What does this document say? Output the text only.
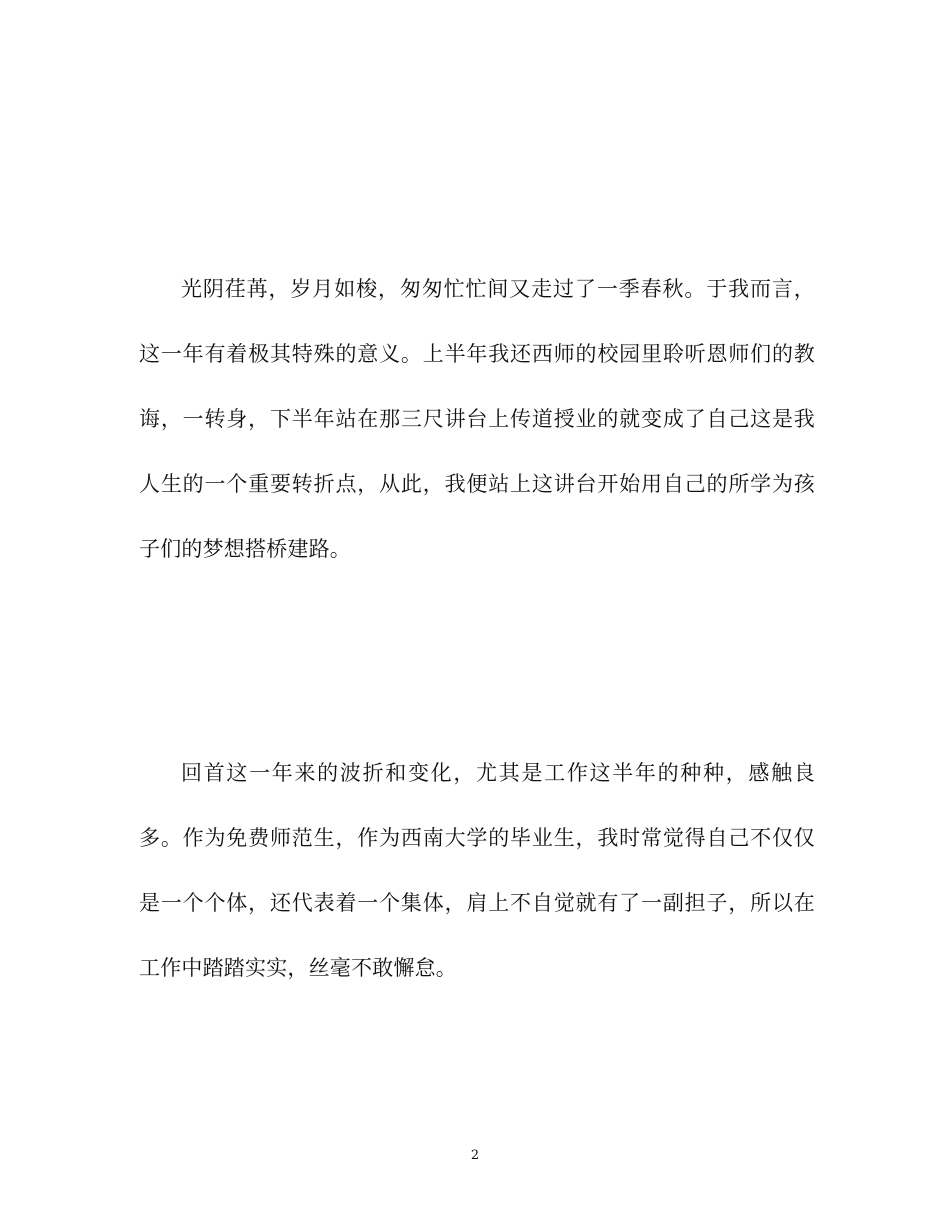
光阴荏苒，岁月如梭，匆匆忙忙间又走过了一季春秋。于我而言，这一年有着极其特殊的意义。上半年我还西师的校园里聆听恩师们的教诲，一转身，下半年站在那三尺讲台上传道授业的就变成了自己这是我人生的一个重要转折点，从此，我便站上这讲台开始用自己的所学为孩子们的梦想搭桥建路。

回首这一年来的波折和变化，尤其是工作这半年的种种，感触良多。作为免费师范生，作为西南大学的毕业生，我时常觉得自己不仅仅是一个个体，还代表着一个集体，肩上不自觉就有了一副担子，所以在工作中踏踏实实，丝毫不敢懈怠。

2
